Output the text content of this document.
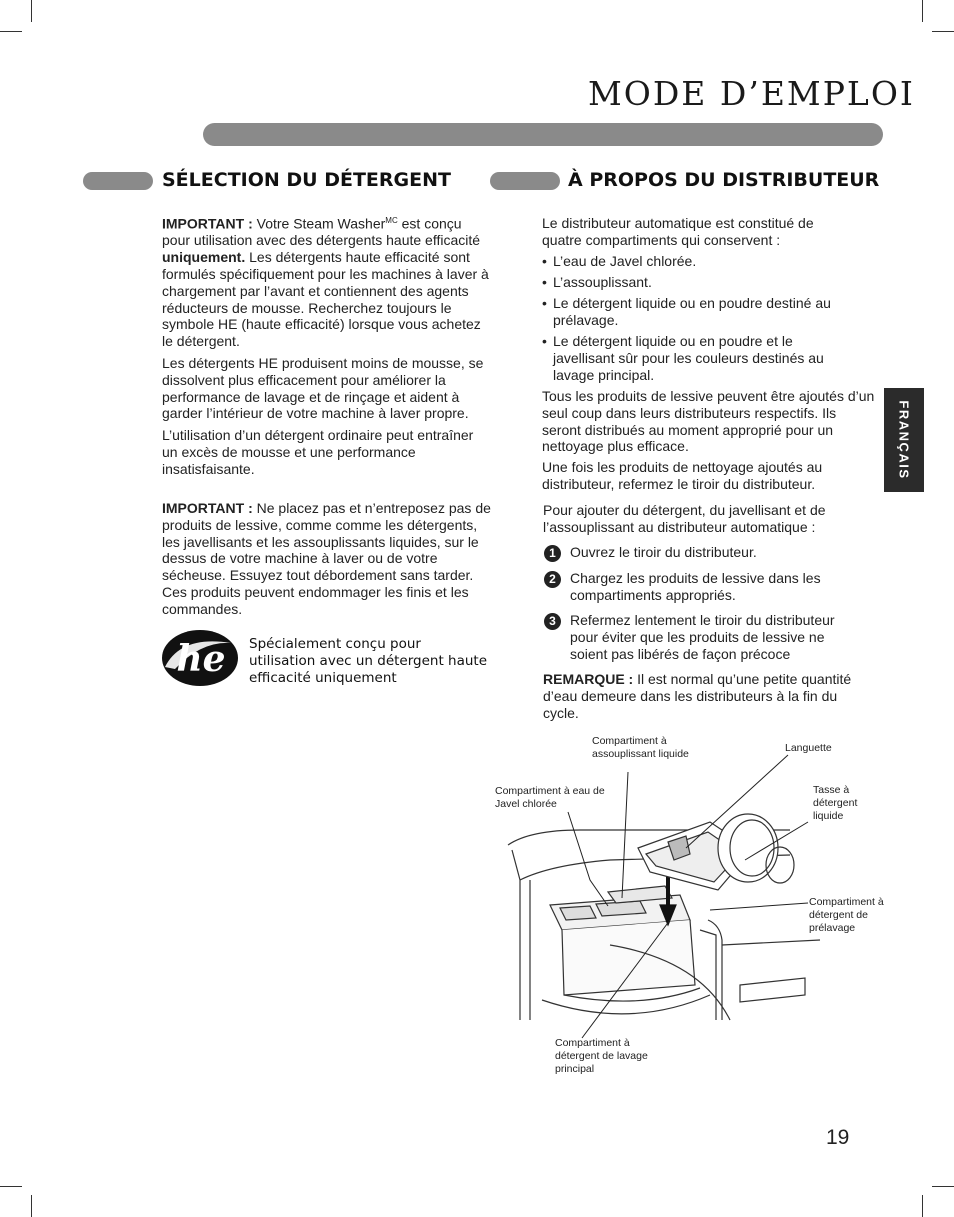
MODE D’EMPLOI
SÉLECTION DU DÉTERGENT

IMPORTANT : Votre Steam Washer$^{MC}$ est conçu pour utilisation avec des détergents haute efficacité uniquement. Les détergents haute efficacité sont formulés spécifiquement pour les machines à laver à chargement par l’avant et contiennent des agents réducteurs de mousse. Recherchez toujours le symbole HE (haute efficacité) lorsque vous achetez le détergent.

Les détergents HE produisent moins de mousse, se dissolvent plus efficacement pour améliorer la performance de lavage et de rinçage et aident à garder l’intérieur de votre machine à laver propre.

L’utilisation d’un détergent ordinaire peut entraîner un excès de mousse et une performance insatisfaisante.

IMPORTANT : Ne placez pas et n’entreposez pas de produits de lessive, comme comme les détergents, les javellisants et les assouplissants liquides, sur le dessus de votre machine à laver ou de votre sécheuse. Essuyez tout débordement sans tarder. Ces produits peuvent endommager les finis et les commandes.
he Spécialement conçu pour utilisation avec un détergent haute efficacité uniquement
À PROPOS DU DISTRIBUTEUR
Le distributeur automatique est constitué de quatre compartiments qui conservent :
• L’eau de Javel chlorée.
• L’assouplissant.
• Le détergent liquide ou en poudre destiné au prélavage.
• Le détergent liquide ou en poudre et le javellisant sûr pour les couleurs destinés au lavage principal.
Tous les produits de lessive peuvent être ajoutés d’un seul coup dans leurs distributeurs respectifs. Ils seront distribués au moment approprié pour un nettoyage plus efficace.
Une fois les produits de nettoyage ajoutés au distributeur, refermez le tiroir du distributeur.
Pour ajouter du détergent, du javellisant et de l’assouplissant au distributeur automatique :
1	Ouvrez le tiroir du distributeur.
2	Chargez les produits de lessive dans les compartiments appropriés.
3	Refermez lentement le tiroir du distributeur pour éviter que les produits de lessive ne soient pas libérés de façon précoce
REMARQUE : Il est normal qu’une petite quantité d’eau demeure dans les distributeurs à la fin du cycle.
FRANÇAIS
Compartiment à assouplissant liquide	Languette
Compartiment à eau de Javel chlorée
Tasse à détergent liquide
Compartiment à détergent de prélavage
Compartiment à détergent de lavage principal
19
